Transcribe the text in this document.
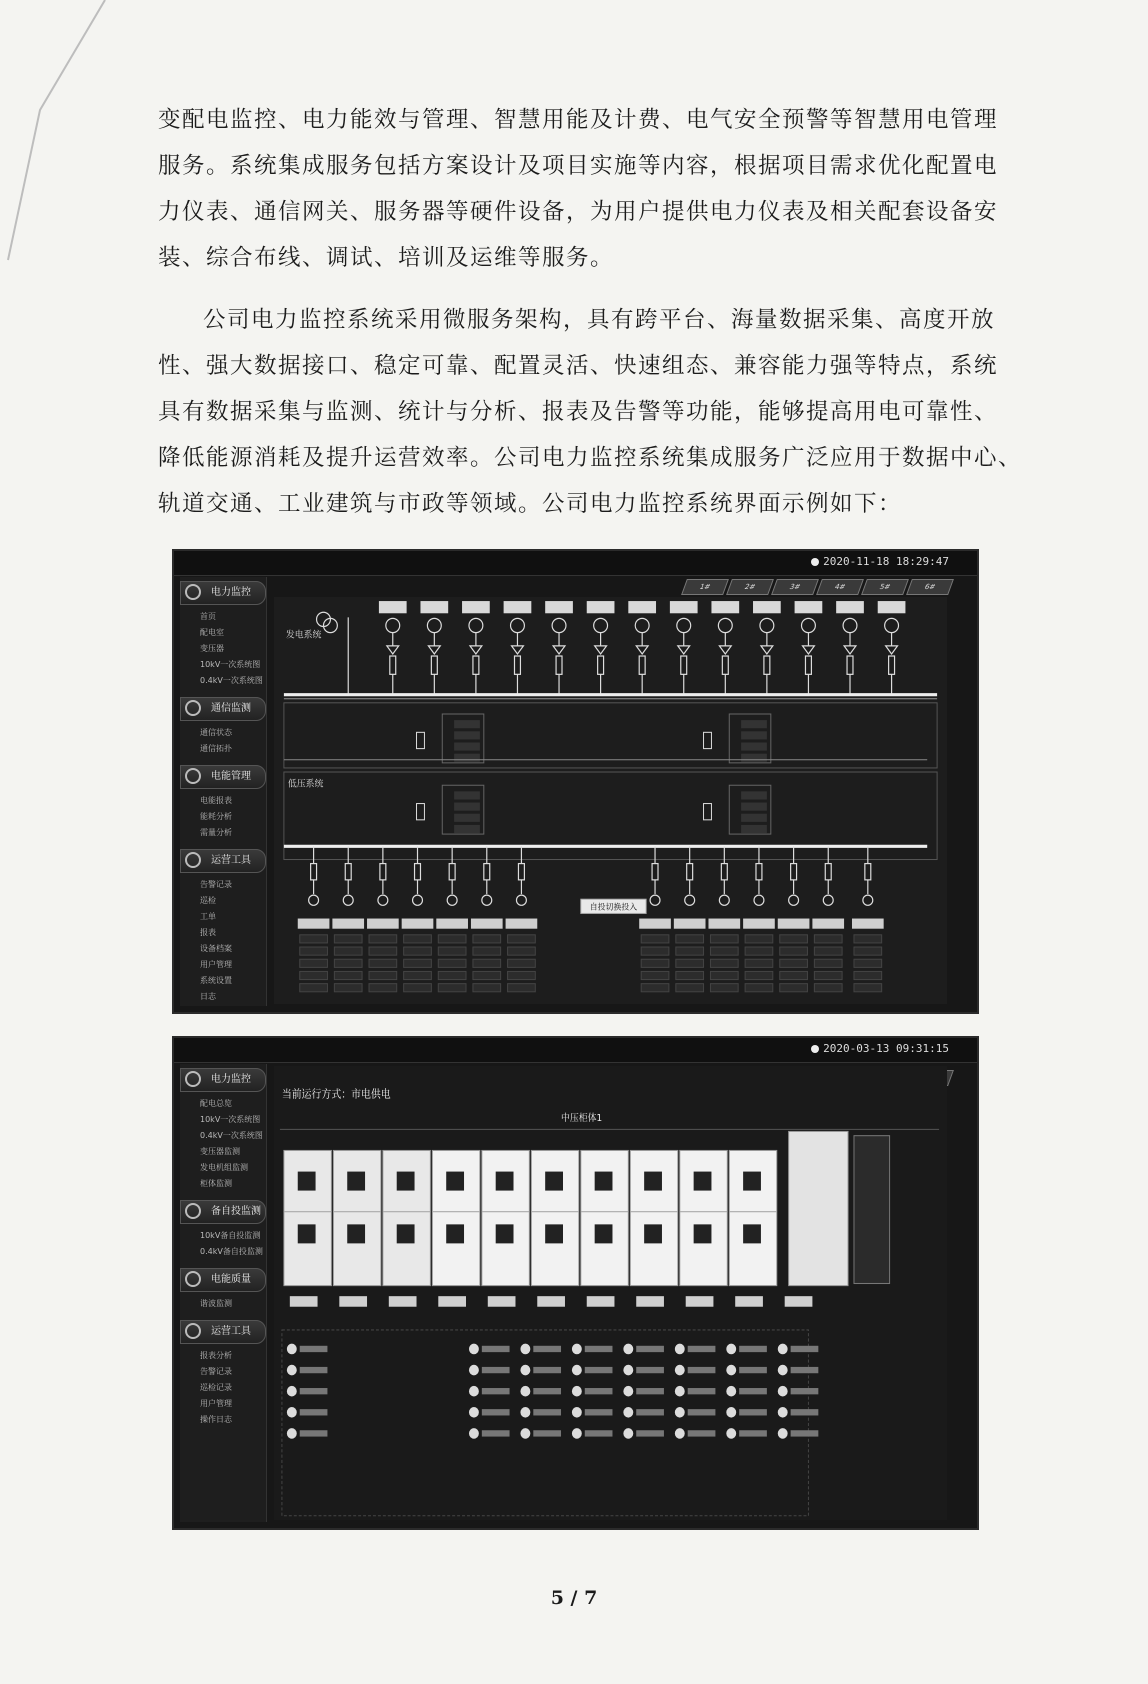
变配电监控、电力能效与管理、智慧用能及计费、电气安全预警等智慧用电管理
服务。系统集成服务包括方案设计及项目实施等内容，根据项目需求优化配置电
力仪表、通信网关、服务器等硬件设备，为用户提供电力仪表及相关配套设备安
装、综合布线、调试、培训及运维等服务。
公司电力监控系统采用微服务架构，具有跨平台、海量数据采集、高度开放
性、强大数据接口、稳定可靠、配置灵活、快速组态、兼容能力强等特点，系统
具有数据采集与监测、统计与分析、报表及告警等功能，能够提高用电可靠性、
降低能源消耗及提升运营效率。公司电力监控系统集成服务广泛应用于数据中心、
轨道交通、工业建筑与市政等领域。公司电力监控系统界面示例如下：
2020-11-18 18:29:47
电力监控
首页
配电室
变压器
10kV一次系统图
0.4kV一次系统图
通信监测
通信状态
通信拓扑
电能管理
电能报表
能耗分析
需量分析
运营工具
告警记录
巡检
工单
报表
设备档案
用户管理
系统设置
日志
1#	2#	3#	4#	5#	6#
发电系统
低压系统
自投切换投入
2020-03-13 09:31:15
电力监控
配电总览
10kV一次系统图
0.4kV一次系统图
变压器监测
发电机组监测
柜体监测
备自投监测
10kV备自投监测
0.4kV备自投监测
电能质量
谐波监测
运营工具
报表分析
告警记录
巡检记录
用户管理
操作日志
当前运行方式：市电供电
中压柜体1
5 / 7
